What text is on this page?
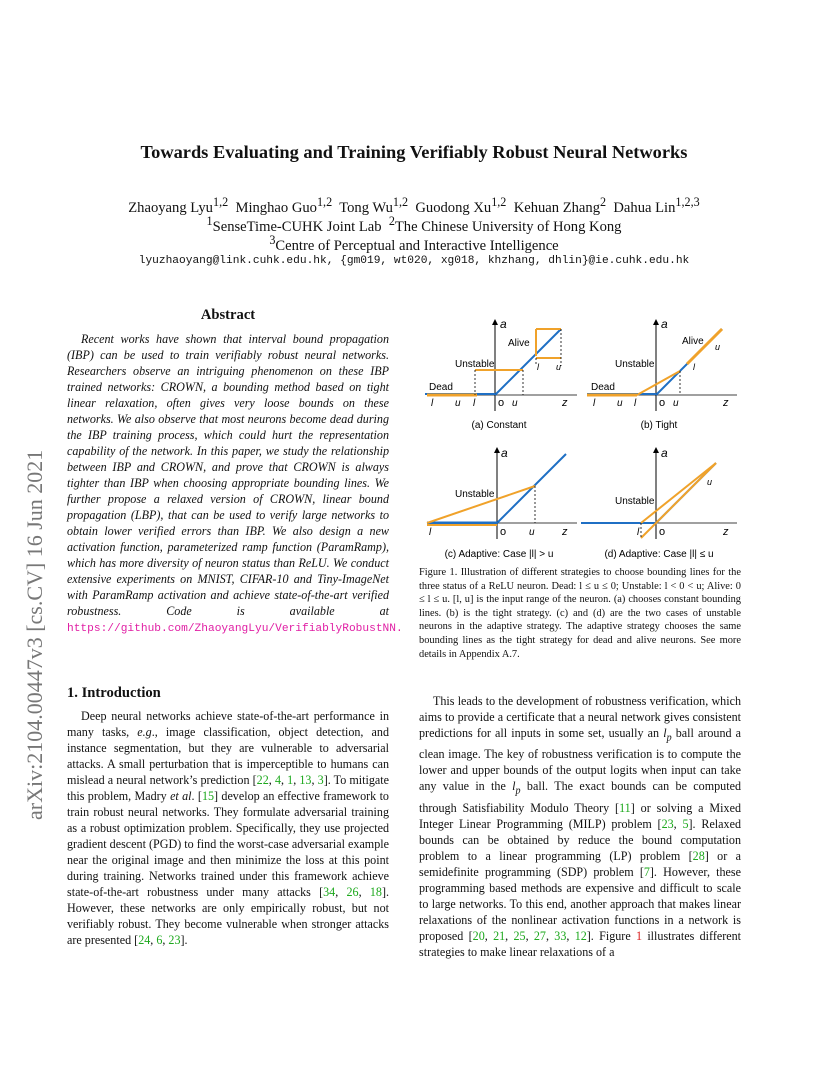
Towards Evaluating and Training Verifiably Robust Neural Networks
Zhaoyang Lyu$^{1,2}$  Minghao Guo$^{1,2}$  Tong Wu$^{1,2}$  Guodong Xu$^{1,2}$  Kehuan Zhang$^2$  Dahua Lin$^{1,2,3}$
$^1$SenseTime-CUHK Joint Lab  $^2$The Chinese University of Hong Kong
$^3$Centre of Perceptual and Interactive Intelligence
lyuzhaoyang@link.cuhk.edu.hk, {gm019, wt020, xg018, khzhang, dhlin}@ie.cuhk.edu.hk
arXiv:2104.00447v3 [cs.CV] 16 Jun 2021
Abstract

Recent works have shown that interval bound propagation (IBP) can be used to train verifiably robust neural networks. Researchers observe an intriguing phenomenon on these IBP trained networks: CROWN, a bounding method based on tight linear relaxation, often gives very loose bounds on these networks. We also observe that most neurons become dead during the IBP training process, which could hurt the representation capability of the network. In this paper, we study the relationship between IBP and CROWN, and prove that CROWN is always tighter than IBP when choosing appropriate bounding lines. We further propose a relaxed version of CROWN, linear bound propagation (LBP), that can be used to verify large networks to obtain lower verified errors than IBP. We also design a new activation function, parameterized ramp function (ParamRamp), which has more diversity of neuron status than ReLU. We conduct extensive experiments on MNIST, CIFAR-10 and Tiny-ImageNet with ParamRamp activation and achieve state-of-the-art verified robustness. Code is available at https://github.com/ZhaoyangLyu/VerifiablyRobustNN.

1. Introduction

Deep neural networks achieve state-of-the-art performance in many tasks, e.g., image classification, object detection, and instance segmentation, but they are vulnerable to adversarial attacks. A small perturbation that is imperceptible to humans can mislead a neural network’s prediction [22, 4, 1, 13, 3]. To mitigate this problem, Madry et al. [15] develop an effective framework to train robust neural networks. They formulate adversarial training as a robust optimization problem. Specifically, they use projected gradient descent (PGD) to find the worst-case adversarial example near the original image and then minimize the loss at this point during training. Networks trained under this framework achieve state-of-the-art robustness under many attacks [34, 26, 18]. However, these networks are only empirically robust, but not verifiably robust. They become vulnerable when stronger attacks are presented [24, 6, 23].

a
Dead
Unstable
Alive
l u
l u l o u	z
(a) Constant
a
Dead
Unstable
Alive
l
u
l u l o u	z
(b) Tight
a
Unstable
l	o u z
(c) Adaptive: Case |l| > u
a
Unstable
u
l o	z
(d) Adaptive: Case |l| ≤ u
Figure 1. Illustration of different strategies to choose bounding lines for the three status of a ReLU neuron. Dead: l ≤ u ≤ 0; Unstable: l < 0 < u; Alive: 0 ≤ l ≤ u. [l, u] is the input range of the neuron. (a) chooses constant bounding lines. (b) is the tight strategy. (c) and (d) are the two cases of unstable neurons in the adaptive strategy. The adaptive strategy chooses the same bounding lines as the tight strategy for dead and alive neurons. See more details in Appendix A.7.

This leads to the development of robustness verification, which aims to provide a certificate that a neural network gives consistent predictions for all inputs in some set, usually an $l_p$ ball around a clean image. The key of robustness verification is to compute the lower and upper bounds of the output logits when input can take any value in the $l_p$ ball. The exact bounds can be computed through Satisfiability Modulo Theory [11] or solving a Mixed Integer Linear Programming (MILP) problem [23, 5]. Relaxed bounds can be obtained by reduce the bound computation problem to a linear programming (LP) problem [28] or a semidefinite programming (SDP) problem [7]. However, these programming based methods are expensive and difficult to scale to large networks. To this end, another approach that makes linear relaxations of the nonlinear activation functions in a network is proposed [20, 21, 25, 27, 33, 12]. Figure 1 illustrates different strategies to make linear relaxations of a
